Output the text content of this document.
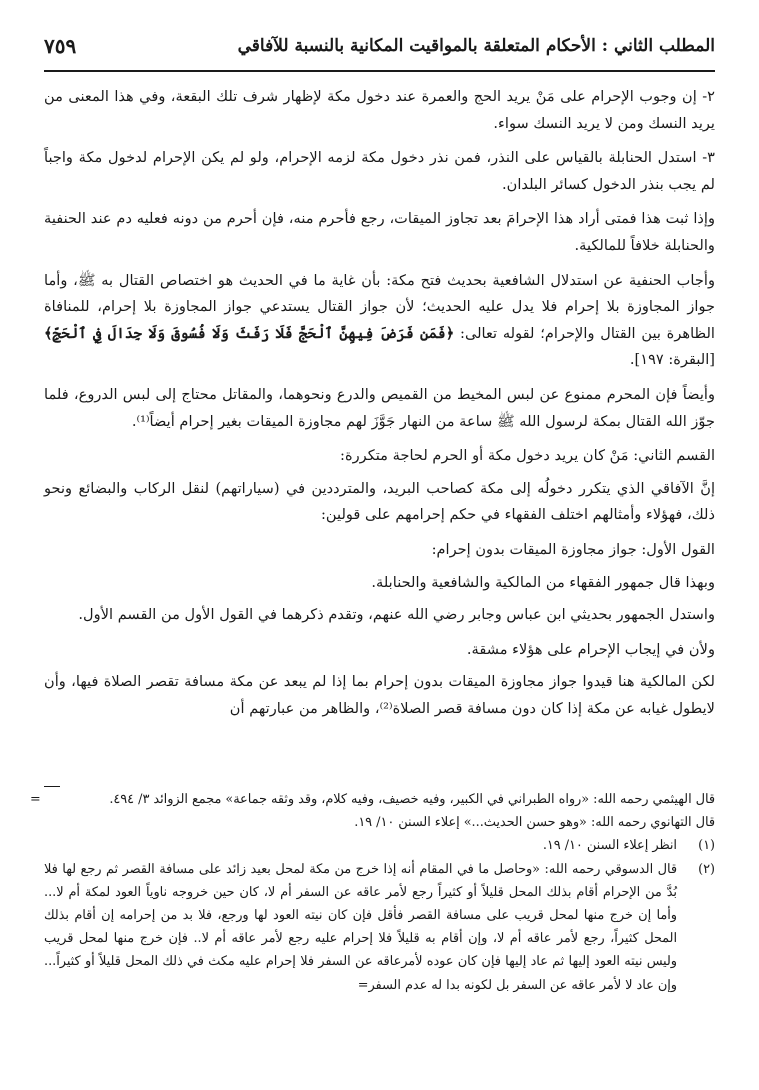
المطلب الثاني : الأحكام المتعلقة بالمواقيت المكانية بالنسبة للآفاقي
٧٥٩

٢- إن وجوب الإحرام على مَنْ يريد الحج والعمرة عند دخول مكة لإظهار شرف تلك البقعة، وفي هذا المعنى من يريد النسك ومن لا يريد النسك سواء.

٣- استدل الحنابلة بالقياس على النذر، فمن نذر دخول مكة لزمه الإحرام، ولو لم يكن الإحرام لدخول مكة واجباً لم يجب بنذر الدخول كسائر البلدان.

وإذا ثبت هذا فمتى أراد هذا الإحرامَ بعد تجاوز الميقات، رجع فأحرم منه، فإن أحرم من دونه فعليه دم عند الحنفية والحنابلة خلافاً للمالكية.

وأجاب الحنفية عن استدلال الشافعية بحديث فتح مكة: بأن غاية ما في الحديث هو اختصاص القتال به ﷺ، وأما جواز المجاوزة بلا إحرام فلا يدل عليه الحديث؛ لأن جواز القتال يستدعي جواز المجاوزة بلا إحرام، للمنافاة الظاهرة بين القتال والإحرام؛ لقوله تعالى: ﴿فَمَن فَرَضَ فِيهِنَّ ٱلْحَجَّ فَلَا رَفَثَ وَلَا فُسُوقَ وَلَا جِدَالَ فِي ٱلْحَجِّ﴾ [البقرة: ١٩٧].

وأيضاً فإن المحرم ممنوع عن لبس المخيط من القميص والدرع ونحوهما، والمقاتل محتاج إلى لبس الدروع، فلما جوّز الله القتال بمكة لرسول الله ﷺ ساعة من النهار جَوَّزَ لهم مجاوزة الميقات بغير إحرام أيضاً⁽¹⁾.

القسم الثاني: مَنْ كان يريد دخول مكة أو الحرم لحاجة متكررة:

إنَّ الآفاقي الذي يتكرر دخولُه إلى مكة كصاحب البريد، والمترددين في (سياراتهم) لنقل الركاب والبضائع ونحو ذلك، فهؤلاء وأمثالهم اختلف الفقهاء في حكم إحرامهم على قولين:

القول الأول: جواز مجاوزة الميقات بدون إحرام:

وبهذا قال جمهور الفقهاء من المالكية والشافعية والحنابلة.

واستدل الجمهور بحديثي ابن عباس وجابر رضي الله عنهم، وتقدم ذكرهما في القول الأول من القسم الأول.

ولأن في إيجاب الإحرام على هؤلاء مشقة.

لكن المالكية هنا قيدوا جواز مجاوزة الميقات بدون إحرام بما إذا لم يبعد عن مكة مسافة تقصر الصلاة فيها، وأن لايطول غيابه عن مكة إذا كان دون مسافة قصر الصلاة⁽²⁾، والظاهر من عبارتهم أن

=	قال الهيثمي رحمه الله: «رواه الطبراني في الكبير، وفيه خصيف، وفيه كلام، وقد وثقه جماعة» مجمع الزوائد ٣/ ٤٩٤.
قال التهانوي رحمه الله: «وهو حسن الحديث...» إعلاء السنن ١٠/ ١٩.
(١)
انظر إعلاء السنن ١٠/ ١٩.
(٢)
قال الدسوقي رحمه الله: «وحاصل ما في المقام أنه إذا خرج من مكة لمحل بعيد زائد على مسافة القصر ثم رجع لها فلا بُدَّ من الإحرام أقام بذلك المحل قليلاً أو كثيراً رجع لأمر عاقه عن السفر أم لا، كان حين خروجه ناوياً العود لمكة أم لا... وأما إن خرج منها لمحل قريب على مسافة القصر فأقل فإن كان نيته العود لها ورجع، فلا بد من إحرامه إن أقام بذلك المحل كثيراً، رجع لأمر عاقه أم لا، وإن أقام به قليلاً فلا إحرام عليه رجع لأمر عاقه أم لا.. فإن خرج منها لمحل قريب وليس نيته العود إليها ثم عاد إليها فإن كان عوده لأمرعاقه عن السفر فلا إحرام عليه مكث في ذلك المحل قليلاً أو كثيراً... وإن عاد لا لأمر عاقه عن السفر بل لكونه بدا له عدم السفر=
